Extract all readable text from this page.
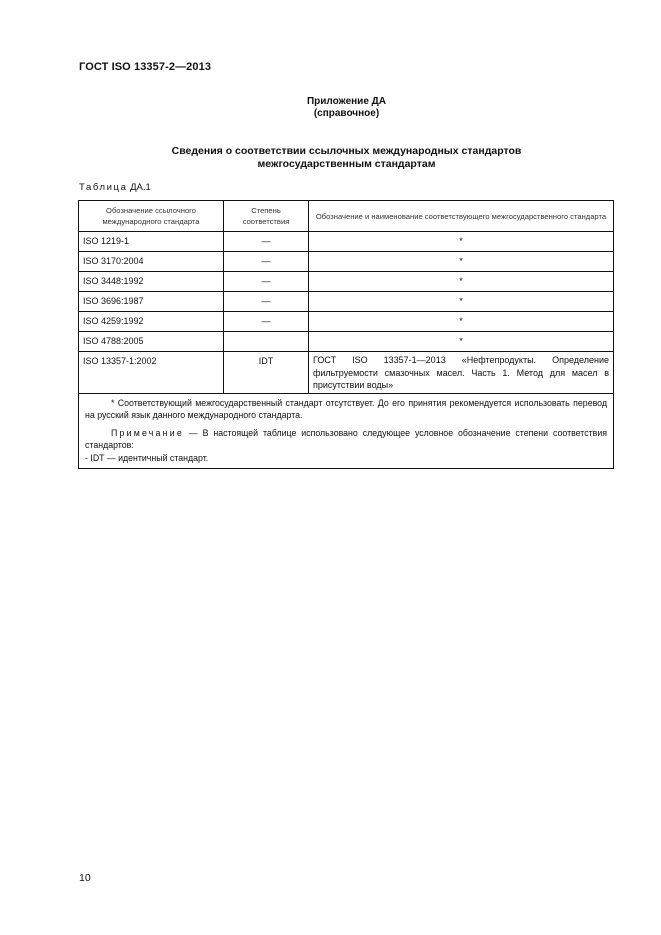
ГОСТ ISO 13357-2—2013
Приложение ДА
(справочное)
Сведения о соответствии ссылочных международных стандартов
межгосударственным стандартам
Таблица ДА.1
Обозначение ссылочного международного стандарта	Степень соответствия	Обозначение и наименование соответствующего межгосударственного стандарта
ISO 1219-1	—	*
ISO 3170:2004	—	*
ISO 3448:1992	—	*
ISO 3696:1987	—	*
ISO 4259:1992	—	*
ISO 4788:2005		*
ISO 13357-1:2002	IDT	ГОСТ ISO 13357-1—2013 «Нефтепродукты. Определение фильтруемости смазочных масел. Часть 1. Метод для масел в присутствии воды»

* Соответствующий межгосударственный стандарт отсутствует. До его принятия рекомендуется использовать перевод на русский язык данного международного стандарта.
Примечание — В настоящей таблице использовано следующее условное обозначение степени соответствия стандартов:
- IDT — идентичный стандарт.		
10
